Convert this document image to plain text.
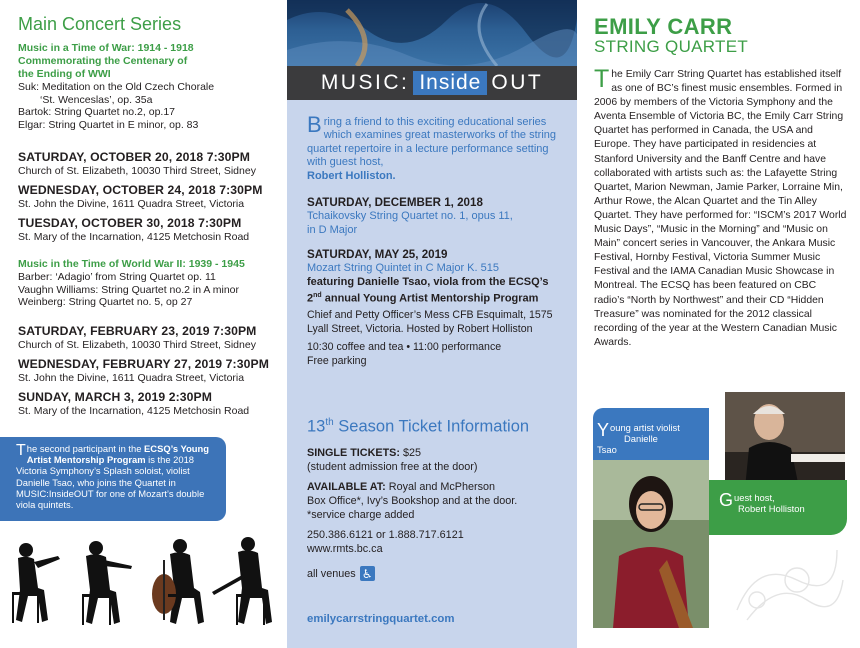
Main Concert Series
Music in a Time of War: 1914 - 1918
Commemorating the Centenary of
the Ending of WWI
Suk: Meditation on the Old Czech Chorale
‘St. Wenceslas’, op. 35a
Bartok: String Quartet no.2, op.17
Elgar: String Quartet in E minor, op. 83
SATURDAY, OCTOBER 20, 2018 7:30PM
Church of St. Elizabeth, 10030 Third Street, Sidney
WEDNESDAY, OCTOBER 24, 2018 7:30PM
St. John the Divine, 1611 Quadra Street, Victoria
TUESDAY, OCTOBER 30, 2018 7:30PM
St. Mary of the Incarnation, 4125 Metchosin Road
Music in the Time of World War II: 1939 - 1945
Barber: ‘Adagio’ from String Quartet op. 11
Vaughn Williams: String Quartet no.2 in A minor
Weinberg: String Quartet no. 5, op 27
SATURDAY, FEBRUARY 23, 2019 7:30PM
Church of St. Elizabeth, 10030 Third Street, Sidney
WEDNESDAY, FEBRUARY 27, 2019 7:30PM
St. John the Divine, 1611 Quadra Street, Victoria
SUNDAY, MARCH 3, 2019 2:30PM
St. Mary of the Incarnation, 4125 Metchosin Road
The second participant in the ECSQ’s Young Artist Mentorship Program is the 2018 Victoria Symphony’s Splash soloist, violist Danielle Tsao, who joins the Quartet in MUSIC:InsideOUT for one of Mozart’s double viola quintets.
MUSIC: Inside OUT
Bring a friend to this exciting educational series which examines great masterworks of the string quartet repertoire in a lecture performance setting with guest host,
Robert Holliston.
SATURDAY, DECEMBER 1, 2018
Tchaikovsky String Quartet no. 1, opus 11,
in D Major
SATURDAY, MAY 25, 2019
Mozart String Quintet in C Major K. 515
featuring Danielle Tsao, viola from the ECSQ’s
2nd annual Young Artist Mentorship Program
Chief and Petty Officer’s Mess CFB Esquimalt, 1575
Lyall Street, Victoria. Hosted by Robert Holliston
10:30 coffee and tea • 11:00 performance
Free parking
13th Season Ticket Information
SINGLE TICKETS: $25
(student admission free at the door)
AVAILABLE AT: Royal and McPherson
Box Office*, Ivy’s Bookshop and at the door.
*service charge added
250.386.6121 or 1.888.717.6121
www.rmts.bc.ca
all venues ♿
emilycarrstringquartet.com
EMILY CARR
STRING QUARTET
The Emily Carr String Quartet has established itself as one of BC’s finest music ensembles. Formed in 2006 by members of the Victoria Symphony and the Aventa Ensemble of Victoria BC, the Emily Carr String Quartet has performed in Canada, the USA and Europe. They have participated in residencies at Stanford University and the Banff Centre and have collaborated with artists such as: the Lafayette String Quartet, Marion Newman, Jamie Parker, Lorraine Min, Arthur Rowe, the Alcan Quartet and the Tin Alley Quartet. They have performed for: “ISCM’s 2017 World Music Days”, “Music in the Morning” and “Music on Main” concert series in Vancouver, the Ankara Music Festival, Hornby Festival, Victoria Summer Music Festival and the IAMA Canadian Music Showcase in Montreal. The ECSQ has been featured on CBC radio’s “North by Northwest” and their CD “Hidden Treasure” was nominated for the 2012 classical recording of the year at the Western Canadian Music Awards.
Young artist violist
Danielle Tsao
Guest host,
Robert Holliston
